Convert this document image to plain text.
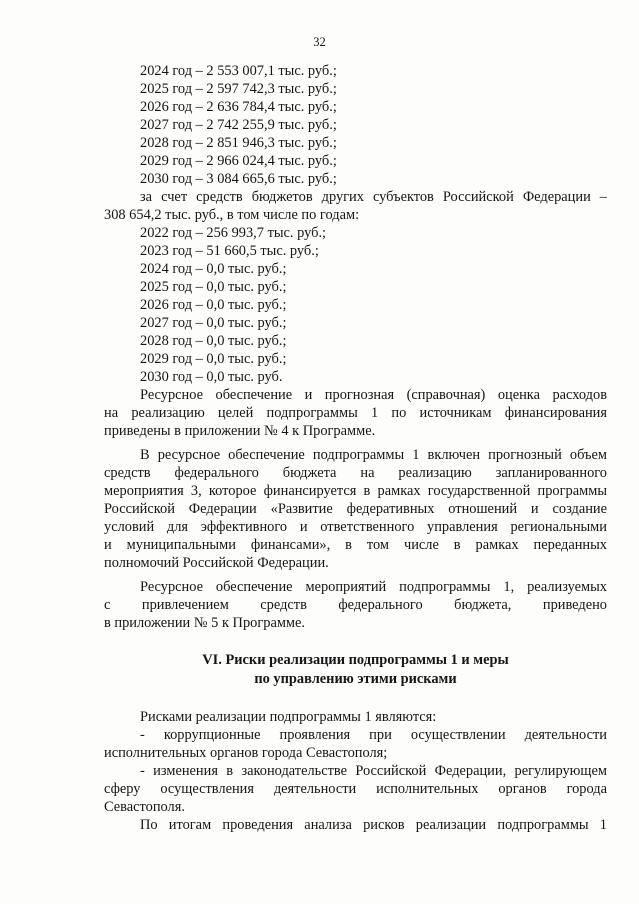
32
2024 год – 2 553 007,1 тыс. руб.;
2025 год – 2 597 742,3 тыс. руб.;
2026 год – 2 636 784,4 тыс. руб.;
2027 год – 2 742 255,9 тыс. руб.;
2028 год – 2 851 946,3 тыс. руб.;
2029 год – 2 966 024,4 тыс. руб.;
2030 год – 3 084 665,6 тыс. руб.;
за счет средств бюджетов других субъектов Российской Федерации –
308 654,2 тыс. руб., в том числе по годам:
2022 год – 256 993,7 тыс. руб.;
2023 год – 51 660,5 тыс. руб.;
2024 год – 0,0 тыс. руб.;
2025 год – 0,0 тыс. руб.;
2026 год – 0,0 тыс. руб.;
2027 год – 0,0 тыс. руб.;
2028 год – 0,0 тыс. руб.;
2029 год – 0,0 тыс. руб.;
2030 год – 0,0 тыс. руб.
Ресурсное обеспечение и прогнозная (справочная) оценка расходов
на реализацию целей подпрограммы 1 по источникам финансирования
приведены в приложении № 4 к Программе.
В ресурсное обеспечение подпрограммы 1 включен прогнозный объем
средств федерального бюджета на реализацию запланированного
мероприятия 3, которое финансируется в рамках государственной программы
Российской Федерации «Развитие федеративных отношений и создание
условий для эффективного и ответственного управления региональными
и муниципальными финансами», в том числе в рамках переданных
полномочий Российской Федерации.
Ресурсное обеспечение мероприятий подпрограммы 1, реализуемых
с привлечением средств федерального бюджета, приведено
в приложении № 5 к Программе.
VI. Риски реализации подпрограммы 1 и меры
по управлению этими рисками
Рисками реализации подпрограммы 1 являются:
- коррупционные проявления при осуществлении деятельности
исполнительных органов города Севастополя;
- изменения в законодательстве Российской Федерации, регулирующем
сферу осуществления деятельности исполнительных органов города
Севастополя.
По итогам проведения анализа рисков реализации подпрограммы 1
